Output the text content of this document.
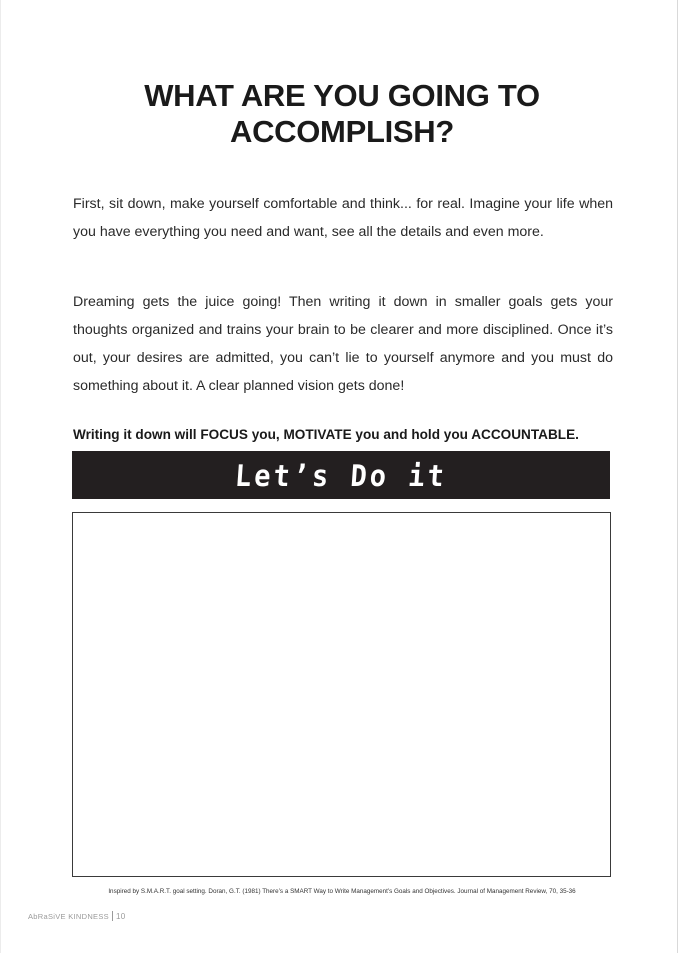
WHAT ARE YOU GOING TO
ACCOMPLISH?

First, sit down, make yourself comfortable and think... for real. Imagine your life when you have everything you need and want, see all the details and even more.

Dreaming gets the juice going! Then writing it down in smaller goals gets your thoughts organized and trains your brain to be clearer and more disciplined. Once it’s out, your desires are admitted, you can’t lie to yourself anymore and you must do something about it. A clear planned vision gets done!

Writing it down will FOCUS you, MOTIVATE you and hold you ACCOUNTABLE.

Let’s Do it

Inspired by S.M.A.R.T. goal setting. Doran, G.T. (1981) There’s a SMART Way to Write Management’s Goals and Objectives. Journal of Management Review, 70, 35-36

AbRaSiVE KINDNESS 10
